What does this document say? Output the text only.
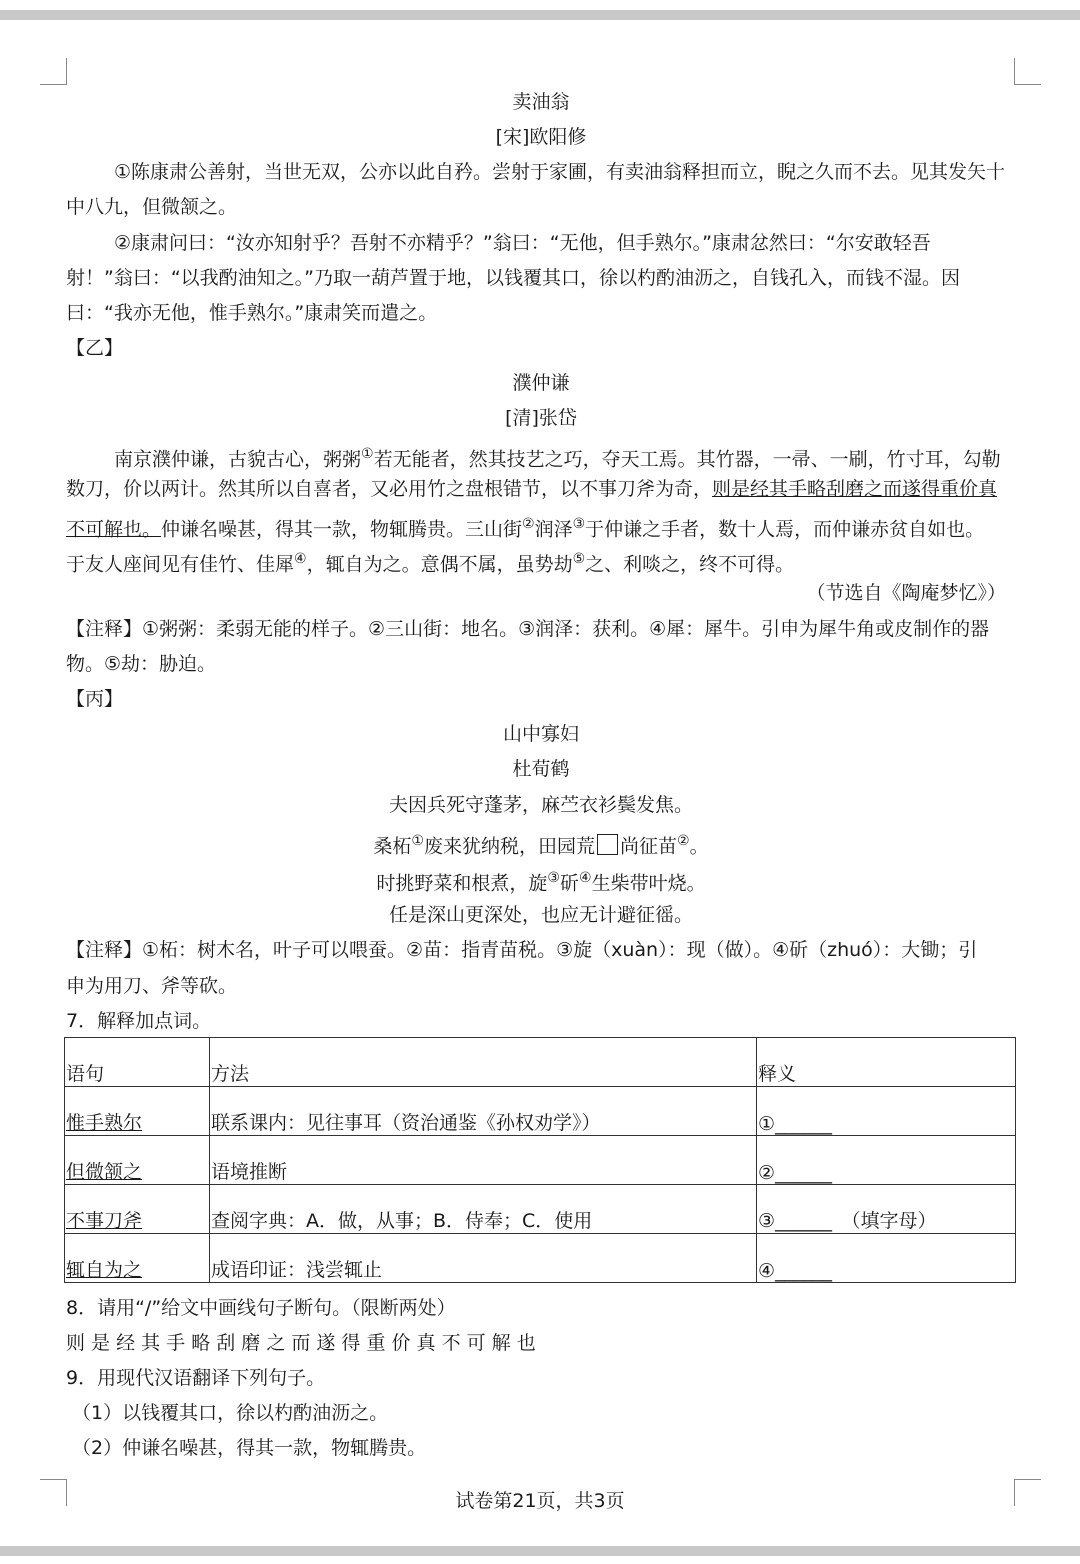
卖油翁
[宋]欧阳修
①陈康肃公善射，当世无双，公亦以此自矜。尝射于家圃，有卖油翁释担而立，睨之久而不去。见其发矢十
中八九，但微颔之。
②康肃问曰：“汝亦知射乎？吾射不亦精乎？”翁曰：“无他，但手熟尔。”康肃忿然曰：“尔安敢轻吾
射！”翁曰：“以我酌油知之。”乃取一葫芦置于地，以钱覆其口，徐以杓酌油沥之，自钱孔入，而钱不湿。因
曰：“我亦无他，惟手熟尔。”康肃笑而遣之。
【乙】
濮仲谦
[清]张岱
南京濮仲谦，古貌古心，粥粥①若无能者，然其技艺之巧，夺天工焉。其竹器，一帚、一刷，竹寸耳，勾勒
数刀，价以两计。然其所以自喜者，又必用竹之盘根错节，以不事刀斧为奇，则是经其手略刮磨之而遂得重价真
不可解也。仲谦名噪甚，得其一款，物辄腾贵。三山街②润泽③于仲谦之手者，数十人焉，而仲谦赤贫自如也。
于友人座间见有佳竹、佳犀④，辄自为之。意偶不属，虽势劫⑤之、利啖之，终不可得。
（节选自《陶庵梦忆》）
【注释】①粥粥：柔弱无能的样子。②三山街：地名。③润泽：获利。④犀：犀牛。引申为犀牛角或皮制作的器
物。⑤劫：胁迫。
【丙】
山中寡妇
杜荀鹤
夫因兵死守蓬茅，麻苎衣衫鬓发焦。
桑柘①废来犹纳税，田园荒 尚征苗②。
时挑野菜和根煮，旋③斫④生柴带叶烧。
任是深山更深处，也应无计避征徭。
【注释】①柘：树木名，叶子可以喂蚕。②苗：指青苗税。③旋（xuàn）：现（做）。④斫（zhuó）：大锄；引
申为用刀、斧等砍。
7．解释加点词。
语句	方法	释义
惟手熟尔	联系课内：见往事耳（资治通鉴《孙权劝学》）	①______
但微颔之	语境推断	②______
不事刀斧	查阅字典：A．做，从事；B．侍奉；C．使用	③______　（填字母）
辄自为之	成语印证：浅尝辄止	④______
8．请用“/”给文中画线句子断句。（限断两处）
则 是 经 其 手 略 刮 磨 之 而 遂 得 重 价 真 不 可 解 也
9．用现代汉语翻译下列句子。
（1）以钱覆其口，徐以杓酌油沥之。
（2）仲谦名噪甚，得其一款，物辄腾贵。
试卷第21页，共3页
